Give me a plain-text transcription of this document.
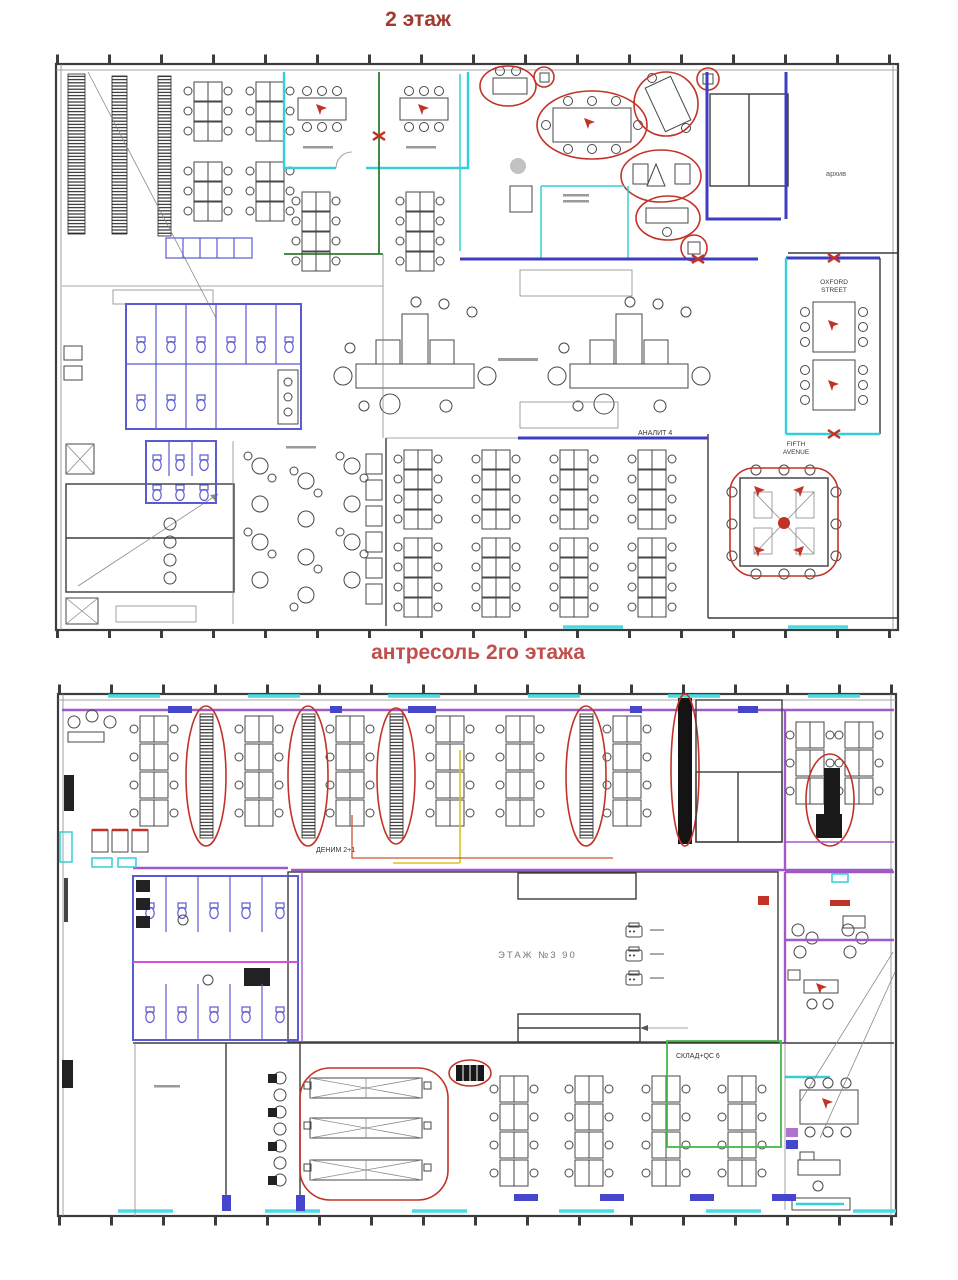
2 этаж
архив
OXFORD
STREET
FIFTH
AVENUE
АНАЛИТ 4
антресоль 2го этажа
ДЕНИМ 2+1
ЭТАЖ №3 90
СКЛАД+QC 6
